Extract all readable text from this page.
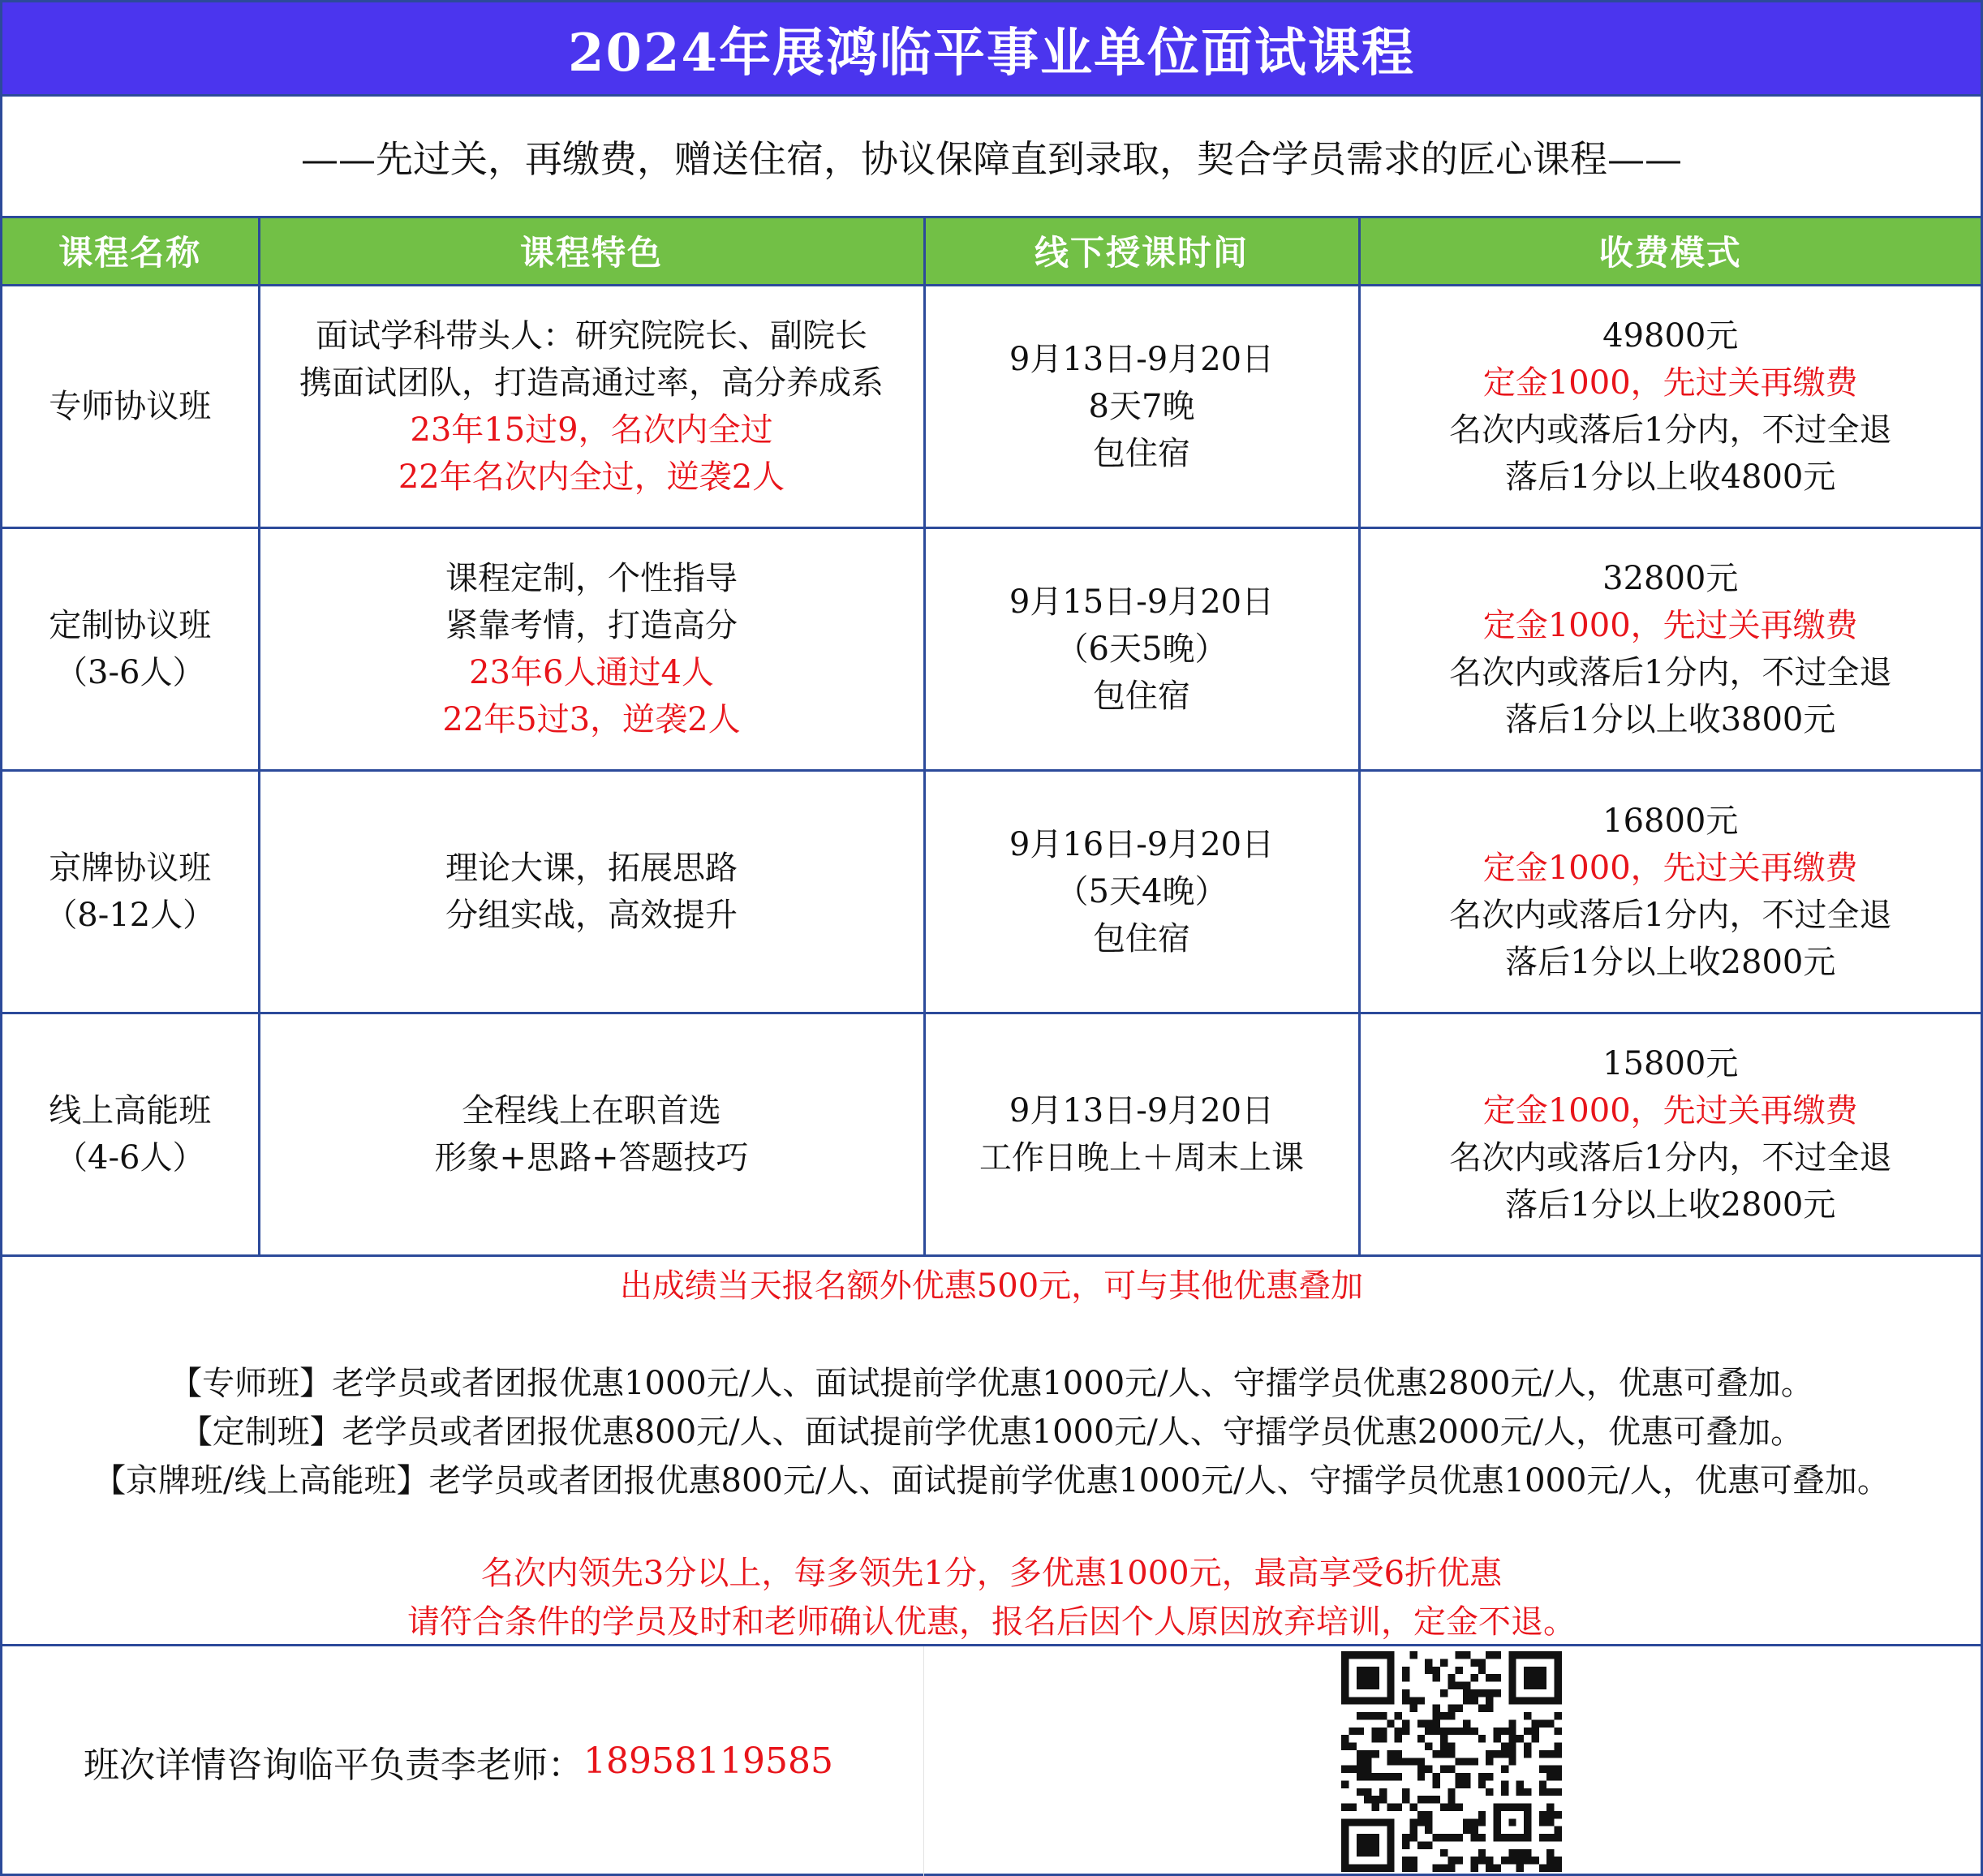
2024年展鸿临平事业单位面试课程
——先过关，再缴费，赠送住宿，协议保障直到录取，契合学员需求的匠心课程——
课程名称	课程特色	线下授课时间	收费模式

专师协议班	面试学科带头人：研究院院长、副院长
携面试团队，打造高通过率，高分养成系
23年15过9，名次内全过
22年名次内全过，逆袭2人	9月13日-9月20日
8天7晚
包住宿	49800元
定金1000，先过关再缴费
名次内或落后1分内，不过全退
落后1分以上收4800元

定制协议班
（3-6人）	课程定制，个性指导
紧靠考情，打造高分
23年6人通过4人
22年5过3，逆袭2人	9月15日-9月20日
（6天5晚）
包住宿	32800元
定金1000，先过关再缴费
名次内或落后1分内，不过全退
落后1分以上收3800元

京牌协议班
（8-12人）	理论大课，拓展思路
分组实战，高效提升	9月16日-9月20日
（5天4晚）
包住宿	16800元
定金1000，先过关再缴费
名次内或落后1分内，不过全退
落后1分以上收2800元

线上高能班
（4-6人）	全程线上在职首选
形象+思路+答题技巧	9月13日-9月20日
工作日晚上＋周末上课	15800元
定金1000，先过关再缴费
名次内或落后1分内，不过全退
落后1分以上收2800元
出成绩当天报名额外优惠500元，可与其他优惠叠加
【专师班】老学员或者团报优惠1000元/人、面试提前学优惠1000元/人、守擂学员优惠2800元/人，优惠可叠加。
【定制班】老学员或者团报优惠800元/人、面试提前学优惠1000元/人、守擂学员优惠2000元/人，优惠可叠加。
【京牌班/线上高能班】老学员或者团报优惠800元/人、面试提前学优惠1000元/人、守擂学员优惠1000元/人，优惠可叠加。
名次内领先3分以上，每多领先1分，多优惠1000元，最高享受6折优惠
请符合条件的学员及时和老师确认优惠，报名后因个人原因放弃培训，定金不退。
班次详情咨询临平负责李老师： 18958119585
